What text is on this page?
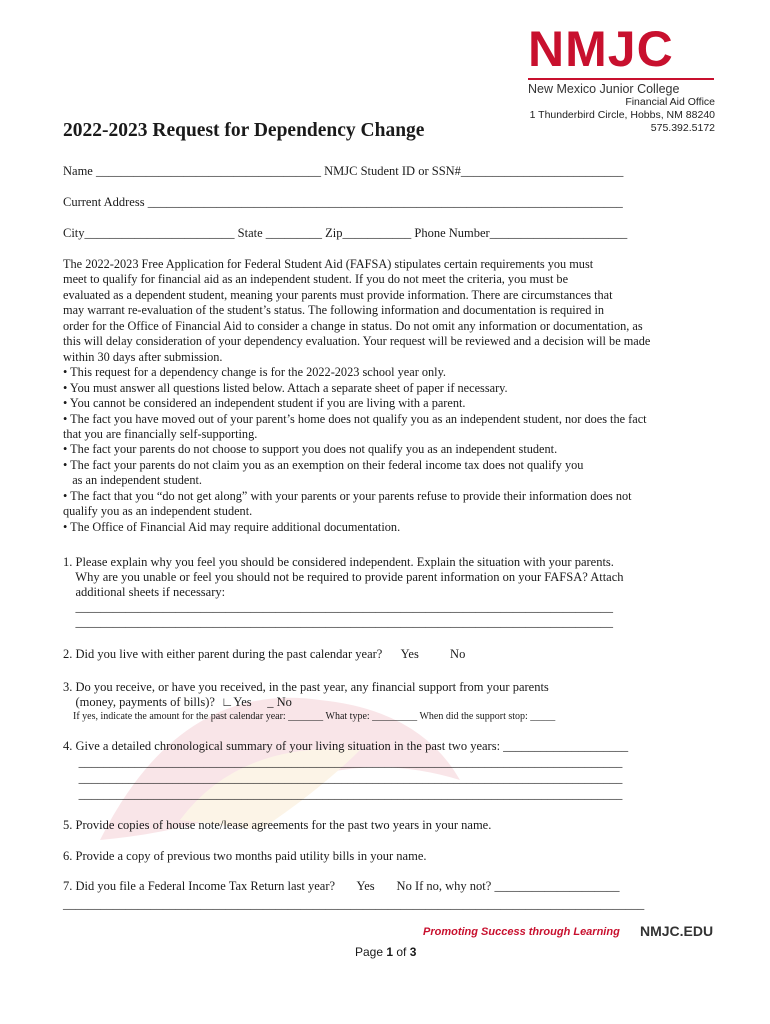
NMJC
New Mexico Junior College
Financial Aid Office
1 Thunderbird Circle, Hobbs, NM 88240
575.392.5172
2022-2023 Request for Dependency Change
Name ____________________________________ NMJC Student ID or SSN#__________________________
Current Address ____________________________________________________________________________
City________________________ State _________ Zip___________ Phone Number______________________

The 2022-2023 Free Application for Federal Student Aid (FAFSA) stipulates certain requirements you must

meet to qualify for financial aid as an independent student. If you do not meet the criteria, you must be

evaluated as a dependent student, meaning your parents must provide information. There are circumstances that

may warrant re-evaluation of the student’s status. The following information and documentation is required in

order for the Office of Financial Aid to consider a change in status. Do not omit any information or documentation, as

this will delay consideration of your dependency evaluation. Your request will be reviewed and a decision will be made

within 30 days after submission.

• This request for a dependency change is for the 2022-2023 school year only.

• You must answer all questions listed below. Attach a separate sheet of paper if necessary.

• You cannot be considered an independent student if you are living with a parent.

• The fact you have moved out of your parent’s home does not qualify you as an independent student, nor does the fact

that you are financially self-supporting.

• The fact your parents do not choose to support you does not qualify you as an independent student.

• The fact your parents do not claim you as an exemption on their federal income tax does not qualify you

as an independent student.

• The fact that you “do not get along” with your parents or your parents refuse to provide their information does not

qualify you as an independent student.

• The Office of Financial Aid may require additional documentation.

1. Please explain why you feel you should be considered independent. Explain the situation with your parents.
Why are you unable or feel you should not be required to provide parent information on your FAFSA? Attach
additional sheets if necessary:
______________________________________________________________________________________
______________________________________________________________________________________
2. Did you live with either parent during the past calendar year?      Yes          No
3. Do you receive, or have you received, in the past year, any financial support from your parents
(money, payments of bills)?  ∟Yes     _ No
If yes, indicate the amount for the past calendar year: _______ What type: _________ When did the support stop: _____
4. Give a detailed chronological summary of your living situation in the past two years: ____________________
_______________________________________________________________________________________
_______________________________________________________________________________________
_______________________________________________________________________________________
5. Provide copies of house note/lease agreements for the past two years in your name.
6. Provide a copy of previous two months paid utility bills in your name.
7. Did you file a Federal Income Tax Return last year?       Yes       No If no, why not? ____________________
_____________________________________________________________________________________________
Promoting Success through Learning NMJC.EDU
Page 1 of 3
